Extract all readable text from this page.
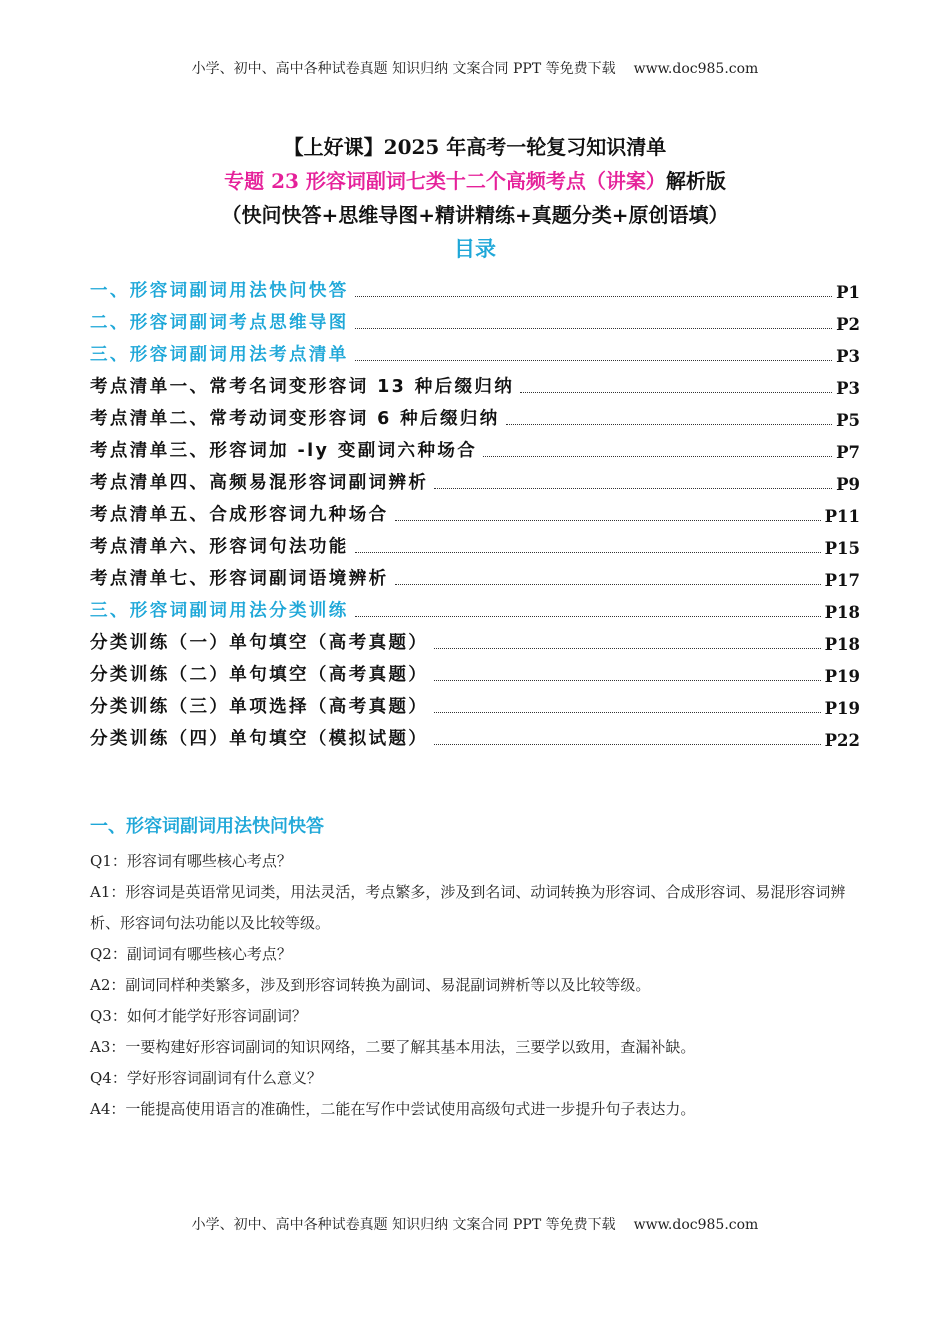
小学、初中、高中各种试卷真题 知识归纳 文案合同 PPT 等免费下载 www.doc985.com
【上好课】2025 年高考一轮复习知识清单
专题 23 形容词副词七类十二个高频考点（讲案）解析版
（快问快答+思维导图+精讲精练+真题分类+原创语填）
目录
一、形容词副词用法快问快答	P1
二、形容词副词考点思维导图	P2
三、形容词副词用法考点清单	P3
考点清单一、常考名词变形容词 13 种后缀归纳	P3
考点清单二、常考动词变形容词 6 种后缀归纳	P5
考点清单三、形容词加 -ly 变副词六种场合	P7
考点清单四、高频易混形容词副词辨析	P9
考点清单五、合成形容词九种场合	P11
考点清单六、形容词句法功能	P15
考点清单七、形容词副词语境辨析	P17
三、形容词副词用法分类训练	P18
分类训练（一）单句填空（高考真题）	P18
分类训练（二）单句填空（高考真题）	P19
分类训练（三）单项选择（高考真题）	P19
分类训练（四）单句填空（模拟试题）	P22
一、形容词副词用法快问快答

Q1：形容词有哪些核心考点？

A1：形容词是英语常见词类，用法灵活，考点繁多，涉及到名词、动词转换为形容词、合成形容词、易混形容词辨析、形容词句法功能以及比较等级。

Q2：副词词有哪些核心考点？

A2：副词同样种类繁多，涉及到形容词转换为副词、易混副词辨析等以及比较等级。

Q3：如何才能学好形容词副词？

A3：一要构建好形容词副词的知识网络，二要了解其基本用法，三要学以致用，查漏补缺。

Q4：学好形容词副词有什么意义？

A4：一能提高使用语言的准确性，二能在写作中尝试使用高级句式进一步提升句子表达力。

小学、初中、高中各种试卷真题 知识归纳 文案合同 PPT 等免费下载 www.doc985.com
